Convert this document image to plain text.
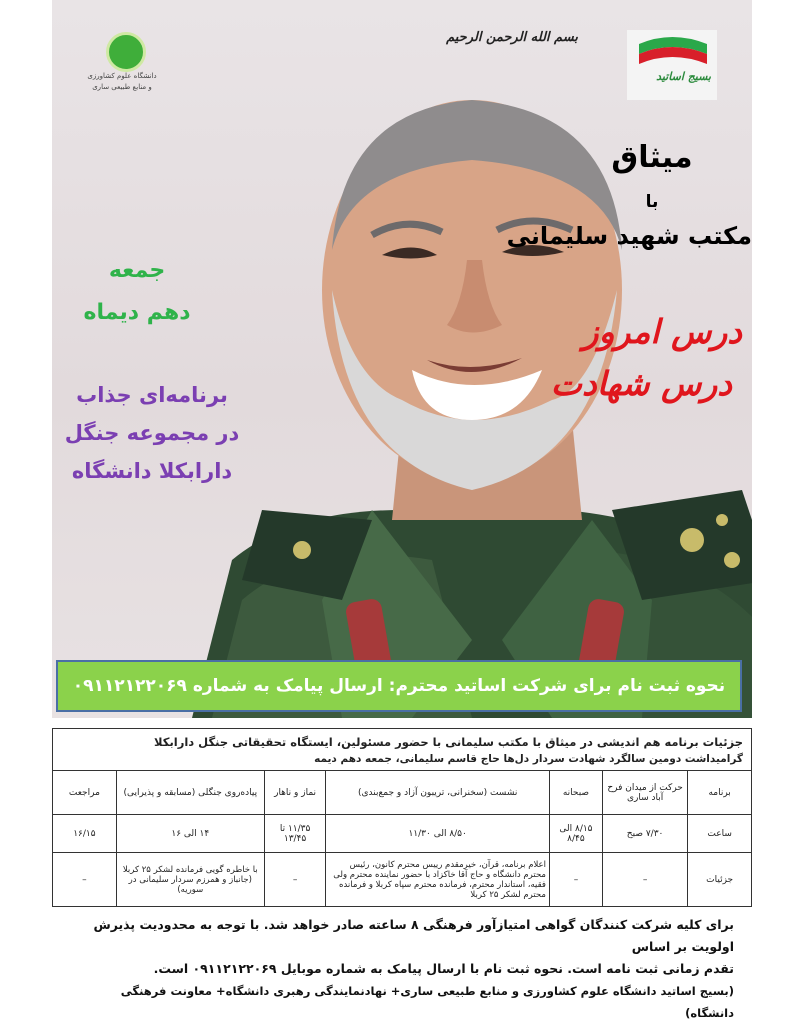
دانشگاه علوم کشاورزی
و منابع طبیعی ساری
بسیج اساتید
بسم الله الرحمن الرحیم
میثاق
با
مکتب شهید سلیمانی
درس امروز
درس شهادت
جمعه
دهم دیماه
برنامه‌ای جذاب
در مجموعه جنگل
دارابکلا دانشگاه
نحوه ثبت نام برای شرکت اساتید محترم: ارسال پیامک به شماره ۰۹۱۱۲۱۲۲۰۶۹
جزئیات برنامه هم اندیشی در میثاق با مکتب سلیمانی با حضور مسئولین، ایستگاه تحقیقاتی جنگل دارابکلا						
گرامیداشت دومین سالگرد شهادت سردار دل‌ها حاج قاسم سلیمانی، جمعه دهم دیمه						
برنامه	حرکت از میدان فرح آباد ساری	صبحانه	نشست (سخنرانی، تریبون آزاد و جمع‌بندی)	نماز و ناهار	پیاده‌روی جنگلی (مسابقه و پذیرایی)	مراجعت
ساعت	۷/۳۰ صبح	۸/۱۵ الی ۸/۴۵	۸/۵۰ الی ۱۱/۳۰	۱۱/۳۵ تا ۱۳/۴۵	۱۴ الی ۱۶	۱۶/۱۵
جزئیات	–	–	اعلام برنامه، قرآن، خیرمقدم رییس محترم کانون، رئیس محترم دانشگاه و حاج آقا خاکزاد با حضور نماینده محترم ولی فقیه، استاندار محترم، فرمانده محترم سپاه کربلا و فرمانده محترم لشکر ۲۵ کربلا	–	با خاطره گویی فرمانده لشکر ۲۵ کربلا (جانباز و همرزم سردار سلیمانی در سوریه)	–
برای کلیه شرکت کنندگان گواهی امتیازآور فرهنگی ۸ ساعته صادر خواهد شد. با توجه به محدودیت پذیرش اولویت بر اساس
تقدم زمانی ثبت نامه است. نحوه ثبت نام با ارسال پیامک به شماره موبایل ۰۹۱۱۲۱۲۲۰۶۹ است.
(بسیج اساتید دانشگاه علوم کشاورزی و منابع طبیعی ساری+ نهادنمایندگی رهبری دانشگاه+ معاونت فرهنگی دانشگاه)
